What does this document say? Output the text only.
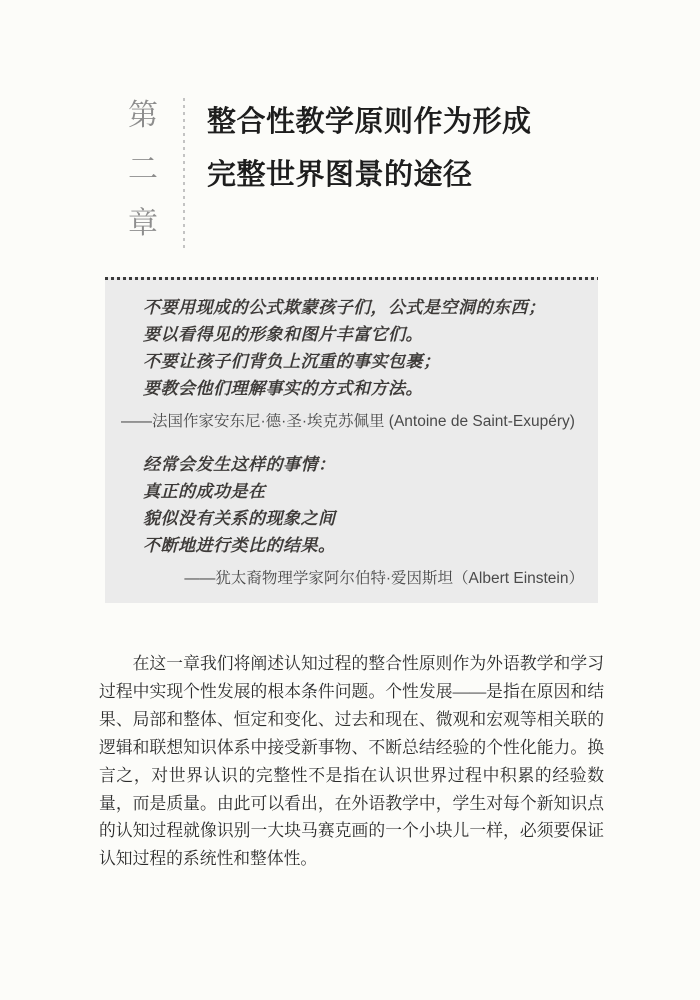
第
二
章
整合性教学原则作为形成
完整世界图景的途径
不要用现成的公式欺蒙孩子们，公式是空洞的东西；
要以看得见的形象和图片丰富它们。
不要让孩子们背负上沉重的事实包裹；
要教会他们理解事实的方式和方法。
——法国作家安东尼·德·圣·埃克苏佩里 (Antoine de Saint-Exupéry)
经常会发生这样的事情：
真正的成功是在
貌似没有关系的现象之间
不断地进行类比的结果。
——犹太裔物理学家阿尔伯特·爱因斯坦（Albert Einstein）
在这一章我们将阐述认知过程的整合性原则作为外语教学和学习过程中实现个性发展的根本条件问题。个性发展——是指在原因和结果、局部和整体、恒定和变化、过去和现在、微观和宏观等相关联的逻辑和联想知识体系中接受新事物、不断总结经验的个性化能力。换言之，对世界认识的完整性不是指在认识世界过程中积累的经验数量，而是质量。由此可以看出，在外语教学中，学生对每个新知识点的认知过程就像识别一大块马赛克画的一个小块儿一样，必须要保证认知过程的系统性和整体性。
